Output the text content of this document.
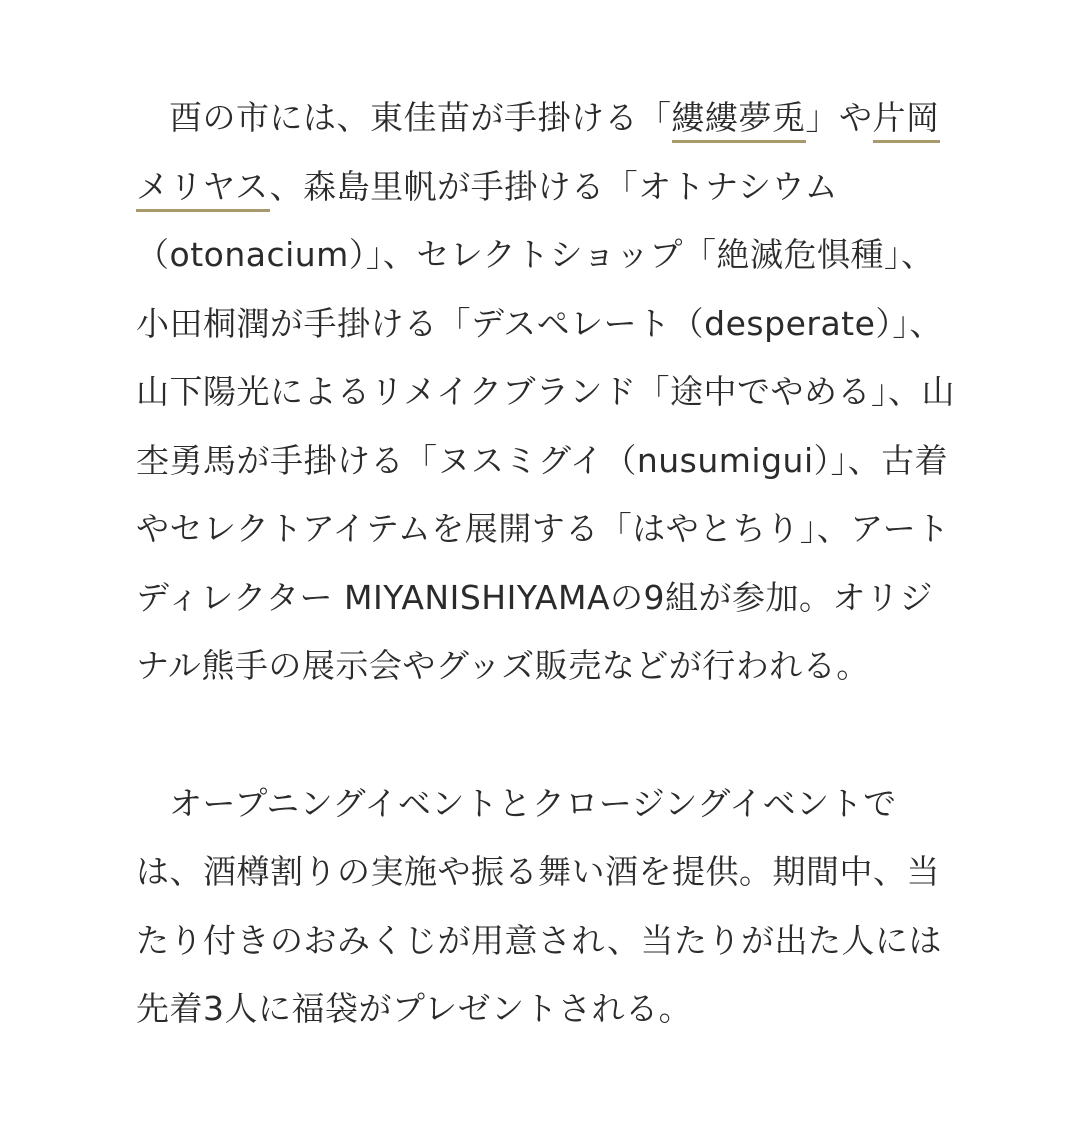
酉の市には、東佳苗が手掛ける「縷縷夢兎」や片岡メリヤス、森島里帆が手掛ける「オトナシウム（otonacium）」、セレクトショップ「絶滅危惧種」、小田桐潤が手掛ける「デスペレート（desperate）」、山下陽光によるリメイクブランド「途中でやめる」、山杢勇馬が手掛ける「ヌスミグイ（nusumigui）」、古着やセレクトアイテムを展開する「はやとちり」、アートディレクター MIYANISHIYAMAの9組が参加。オリジナル熊手の展示会やグッズ販売などが行われる。

オープニングイベントとクロージングイベントでは、酒樽割りの実施や振る舞い酒を提供。期間中、当たり付きのおみくじが用意され、当たりが出た人には先着3人に福袋がプレゼントされる。
